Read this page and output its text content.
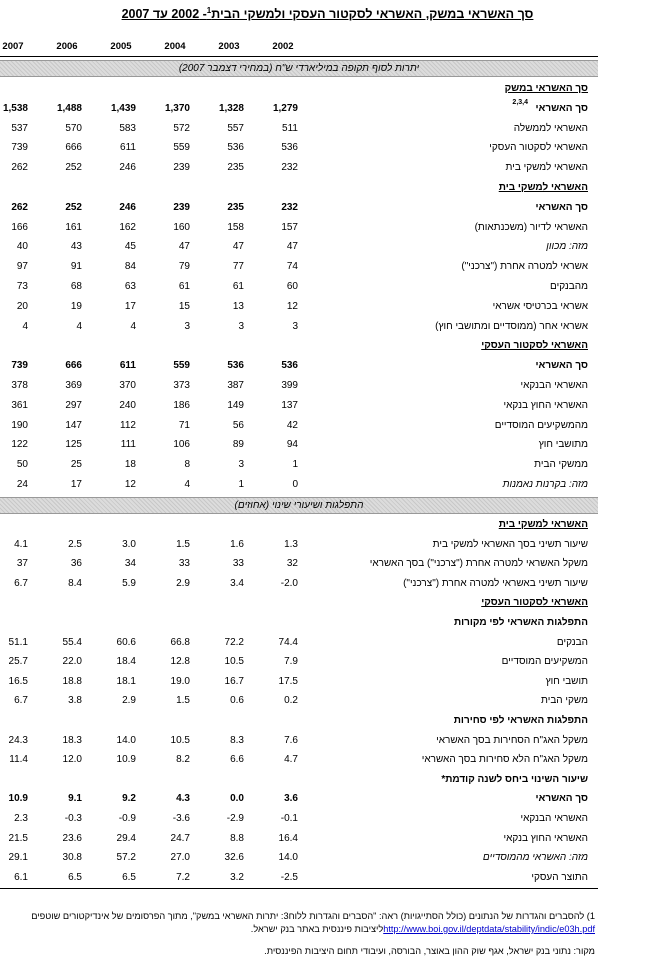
סך האשראי במשק, האשראי לסקטור העסקי ולמשקי הבית$^1$- 2002 עד 2007
2002
2003
2004
2005
2006
2007
יתרות לסוף תקופה במיליארדי ש"ח (במחירי דצמבר 2007)
סך האשראי במשק
סך האשראי
1,279
1,328
1,370
1,439
1,488
1,538
2,3,4
האשראי לממשלה
511
557
572
583
570
537
האשראי לסקטור העסקי
536
536
559
611
666
739
האשראי למשקי בית
232
235
239
246
252
262
האשראי למשקי בית
סך האשראי
232
235
239
246
252
262
האשראי לדיור (משכנתאות)
157
158
160
162
161
166
מזה: מכוון
47
47
47
45
43
40
אשראי למטרה אחרת ("צרכני")
74
77
79
84
91
97
מהבנקים
60
61
61
63
68
73
אשראי בכרטיסי אשראי
12
13
15
17
19
20
אשראי אחר (ממוסדיים ומתושבי חוץ)
3
3
3
4
4
4
האשראי לסקטור העסקי
סך האשראי
536
536
559
611
666
739
האשראי הבנקאי
399
387
373
370
369
378
האשראי החוץ בנקאי
137
149
186
240
297
361
מהמשקיעים המוסדיים
42
56
71
112
147
190
מתושבי חוץ
94
89
106
111
125
122
ממשקי הבית
1
3
8
18
25
50
מזה: בקרנות נאמנות
0
1
4
12
17
24
התפלגות ושיעורי שינוי (אחוזים)
האשראי למשקי בית
שיעור תשיני בסך האשראי למשקי בית
1.3
1.6
1.5
3.0
2.5
4.1
משקל האשראי למטרה אחרת ("צרכני") בסך האשראי
32
33
33
34
36
37
שיעור תשיני באשראי למטרה אחרת ("צרכני")
-2.0
3.4
2.9
5.9
8.4
6.7
האשראי לסקטור העסקי
התפלגות האשראי לפי מקורות
הבנקים
74.4
72.2
66.8
60.6
55.4
51.1
המשקיעים המוסדיים
7.9
10.5
12.8
18.4
22.0
25.7
תושבי חוץ
17.5
16.7
19.0
18.1
18.8
16.5
משקי הבית
0.2
0.6
1.5
2.9
3.8
6.7
התפלגות האשראי לפי סחירות
משקל האג"ח הסחירות בסך האשראי
7.6
8.3
10.5
14.0
18.3
24.3
משקל האג"ח הלא סחירות בסך האשראי
4.7
6.6
8.2
10.9
12.0
11.4
שיעור השינוי ביחס לשנה קודמת*
סך האשראי
3.6
0.0
4.3
9.2
9.1
10.9
האשראי הבנקאי
-0.1
-2.9
-3.6
-0.9
-0.3
2.3
האשראי החוץ בנקאי
16.4
8.8
24.7
29.4
23.6
21.5
מזה: האשראי מהמוסדיים
14.0
32.6
27.0
57.2
30.8
29.1
התוצר העסקי
-2.5
3.2
7.2
6.5
6.5
6.1
1) להסברים והגדרות של הנתונים (כולל הסתייגויות) ראה: "הסברים והגדרות ללוח3: יתרות האשראי במשק", מתוך הפרסומים של אינדיקטורים שוטפים
http://www.boi.gov.il/deptdata/stability/indic/e03h.pdfליציבות פיננסית באתר בנק ישראל.
מקור: נתוני בנק ישראל, אגף שוק ההון באוצר, הבורסה, ועיבודי תחום היציבות הפיננסית.
